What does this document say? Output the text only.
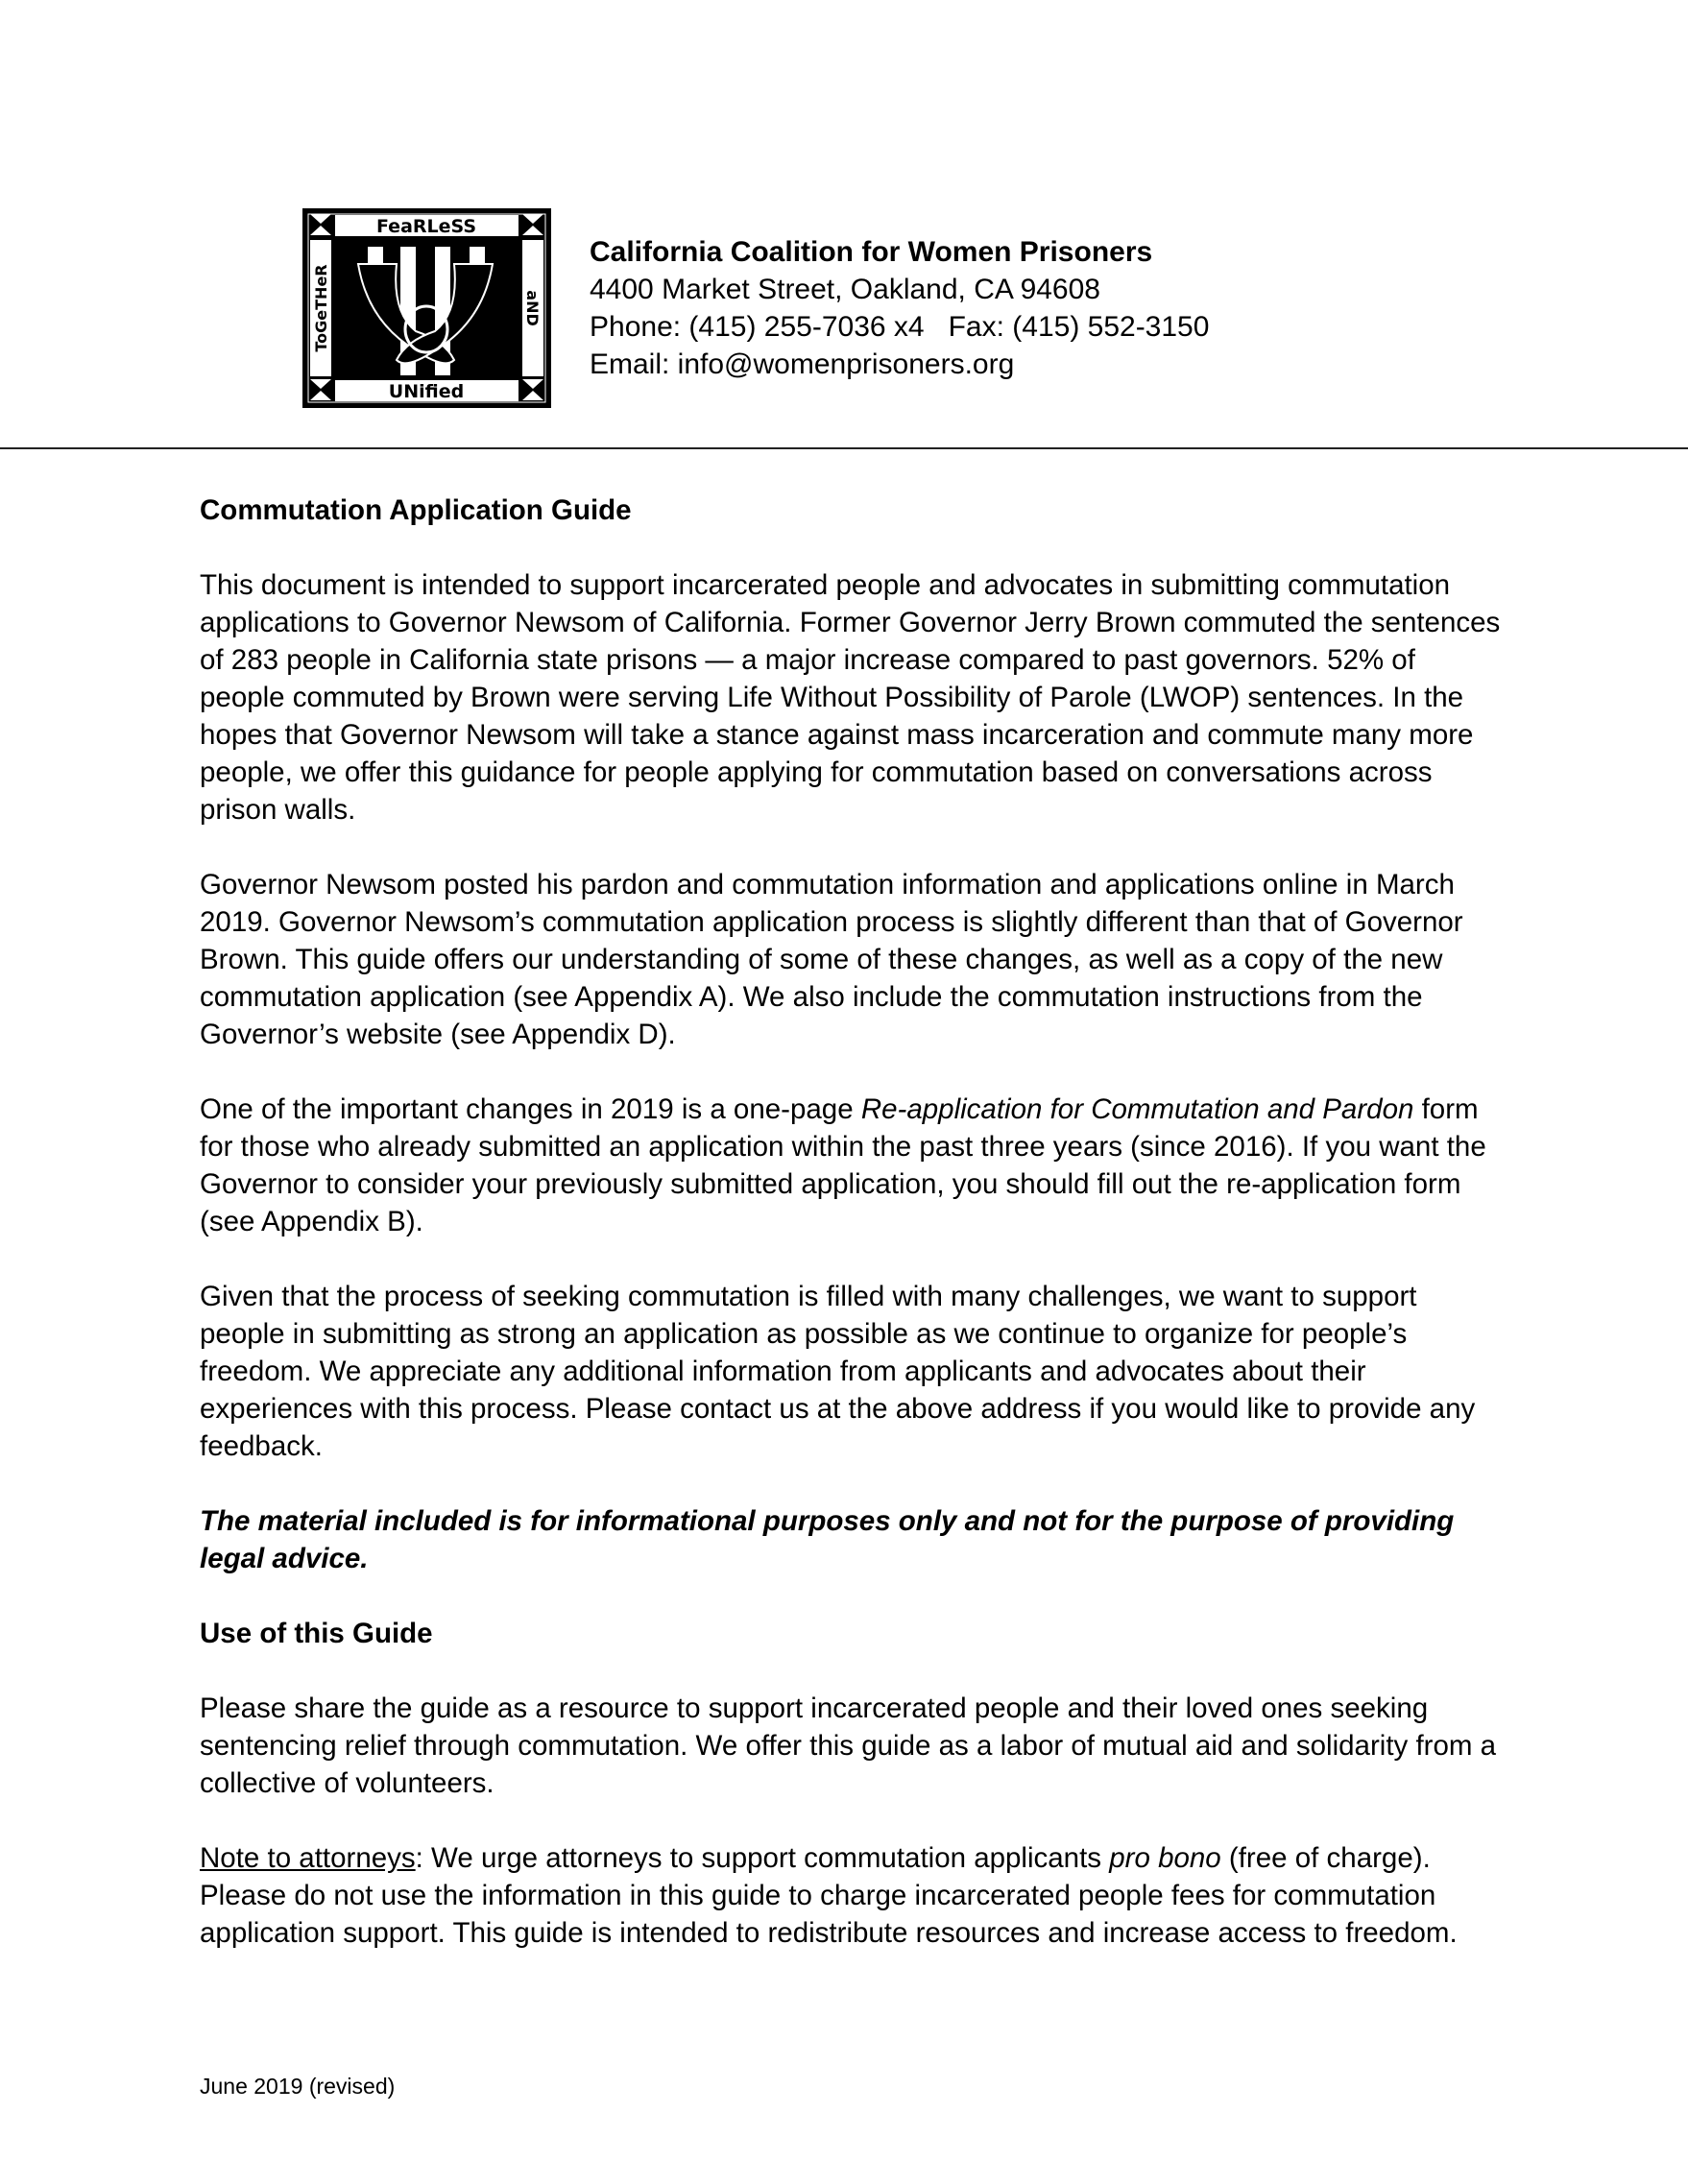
FeaRLeSS
UNified
ToGeTHeR	aND
California Coalition for Women Prisoners
4400 Market Street, Oakland, CA 94608
Phone: (415) 255-7036 x4   Fax: (415) 552-3150
Email: info@womenprisoners.org
Commutation Application Guide

This document is intended to support incarcerated people and advocates in submitting commutation applications to Governor Newsom of California. Former Governor Jerry Brown commuted the sentences of 283 people in California state prisons — a major increase compared to past governors. 52% of people commuted by Brown were serving Life Without Possibility of Parole (LWOP) sentences. In the hopes that Governor Newsom will take a stance against mass incarceration and commute many more people, we offer this guidance for people applying for commutation based on conversations across prison walls.

Governor Newsom posted his pardon and commutation information and applications online in March 2019. Governor Newsom’s commutation application process is slightly different than that of Governor Brown. This guide offers our understanding of some of these changes, as well as a copy of the new commutation application (see Appendix A). We also include the commutation instructions from the Governor’s website (see Appendix D).

One of the important changes in 2019 is a one-page Re-application for Commutation and Pardon form for those who already submitted an application within the past three years (since 2016). If you want the Governor to consider your previously submitted application, you should fill out the re-application form (see Appendix B).

Given that the process of seeking commutation is filled with many challenges, we want to support people in submitting as strong an application as possible as we continue to organize for people’s freedom. We appreciate any additional information from applicants and advocates about their experiences with this process. Please contact us at the above address if you would like to provide any feedback.

The material included is for informational purposes only and not for the purpose of providing legal advice.

Use of this Guide

Please share the guide as a resource to support incarcerated people and their loved ones seeking sentencing relief through commutation. We offer this guide as a labor of mutual aid and solidarity from a collective of volunteers.

Note to attorneys: We urge attorneys to support commutation applicants pro bono (free of charge). Please do not use the information in this guide to charge incarcerated people fees for commutation application support. This guide is intended to redistribute resources and increase access to freedom.

June 2019 (revised)
